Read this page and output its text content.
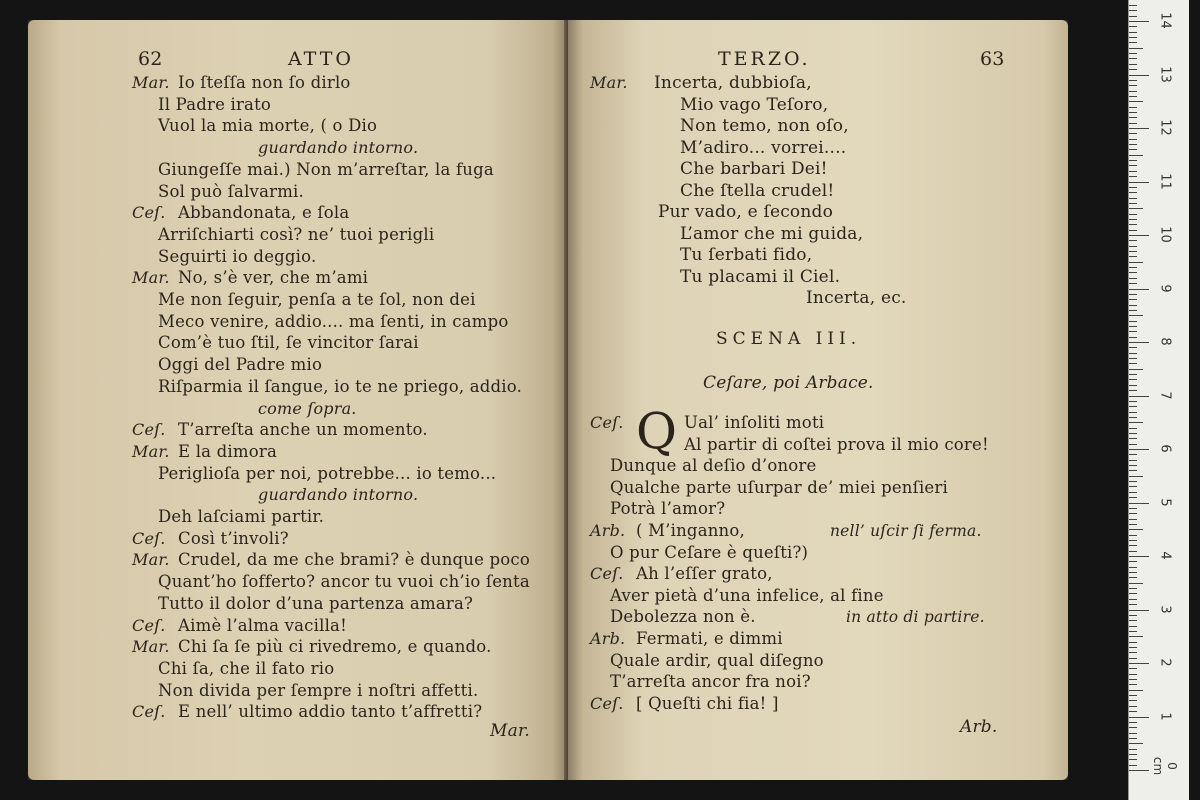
62	ATTO
Mar.
Mar. Io ſteſſa non ſo dirlo
Il Padre irato
Vuol la mia morte, ( o Dio
guardando intorno.
Giungeſſe mai.) Non m’arreſtar, la fuga
Sol può ſalvarmi.
Ceſ. Abbandonata, e ſola
Arriſchiarti così? ne’ tuoi perigli
Seguirti io deggio.
Mar. No, s’è ver, che m’ami
Me non ſeguir, penſa a te ſol, non dei
Meco venire, addio.... ma ſenti, in campo
Com’è tuo ſtil, ſe vincitor ſarai
Oggi del Padre mio
Riſparmia il ſangue, io te ne priego, addio.
come ſopra.
Ceſ. T’arreſta anche un momento.
Mar. E la dimora
Periglioſa per noi, potrebbe... io temo...
guardando intorno.
Deh laſciami partir.
Ceſ. Così t’involi?
Mar. Crudel, da me che brami? è dunque poco
Quant’ho ſofferto? ancor tu vuoi ch’io ſenta
Tutto il dolor d’una partenza amara?
Ceſ. Aimè l’alma vacilla!
Mar. Chi ſa ſe più ci rivedremo, e quando.
Chi ſa, che il fato rio
Non divida per ſempre i noſtri affetti.
Ceſ. E nell’ ultimo addio tanto t’affretti?
TERZO.	63
SCENA III.
Ceſare, poi Arbace.
Q
Arb.
Mar. Incerta, dubbioſa,
Mio vago Teſoro,
Non temo, non oſo,
M’adiro... vorrei....
Che barbari Dei!
Che ſtella crudel!
Pur vado, e ſecondo
L’amor che mi guida,
Tu ſerbati fido,
Tu placami il Ciel.
Incerta, ec.
Ceſ.	Ual’ inſoliti moti
Al partir di coſtei prova il mio core!
Dunque al deſio d’onore
Qualche parte uſurpar de’ miei penſieri
Potrà l’amor?
Arb. ( M’inganno,	nell’ uſcir ſi ferma.
O pur Ceſare è queſti?)
Ceſ. Ah l’eſſer grato,
Aver pietà d’una infelice, al fine
Debolezza non è.	in atto di partire.
Arb. Fermati, e dimmi
Quale ardir, qual diſegno
T’arreſta ancor fra noi?
Ceſ. [ Queſti chi fia! ]
0 cm
1
2
3
4
5
6
7
8
9
10
11
12
13
14
